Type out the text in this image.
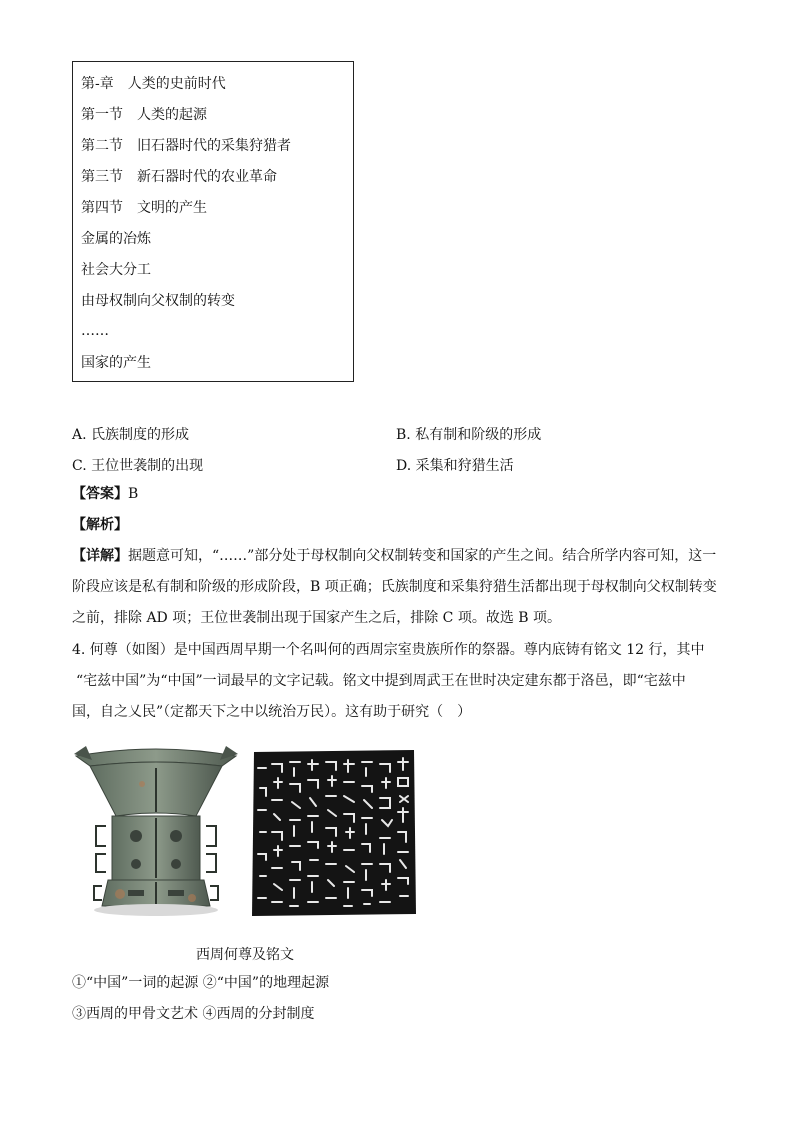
第-章　人类的史前时代
第一节　人类的起源
第二节　旧石器时代的采集狩猎者
第三节　新石器时代的农业革命
第四节　文明的产生
金属的冶炼
社会大分工
由母权制向父权制的转变
……
国家的产生
A. 氏族制度的形成	B. 私有制和阶级的形成
C. 王位世袭制的出现	D. 采集和狩猎生活
【答案】B
【解析】
【详解】据题意可知，“……”部分处于母权制向父权制转变和国家的产生之间。结合所学内容可知，这一
阶段应该是私有制和阶级的形成阶段，B 项正确；氏族制度和采集狩猎生活都出现于母权制向父权制转变
之前，排除 AD 项；王位世袭制出现于国家产生之后，排除 C 项。故选 B 项。
4. 何尊（如图）是中国西周早期一个名叫何的西周宗室贵族所作的祭器。尊内底铸有铭文 12 行，其中
“宅兹中国”为“中国”一词最早的文字记载。铭文中提到周武王在世时决定建东都于洛邑，即“宅兹中
国，自之乂民”（定都天下之中以统治万民）。这有助于研究（　）
西周何尊及铭文
①“中国”一词的起源 ②“中国”的地理起源
③西周的甲骨文艺术 ④西周的分封制度
